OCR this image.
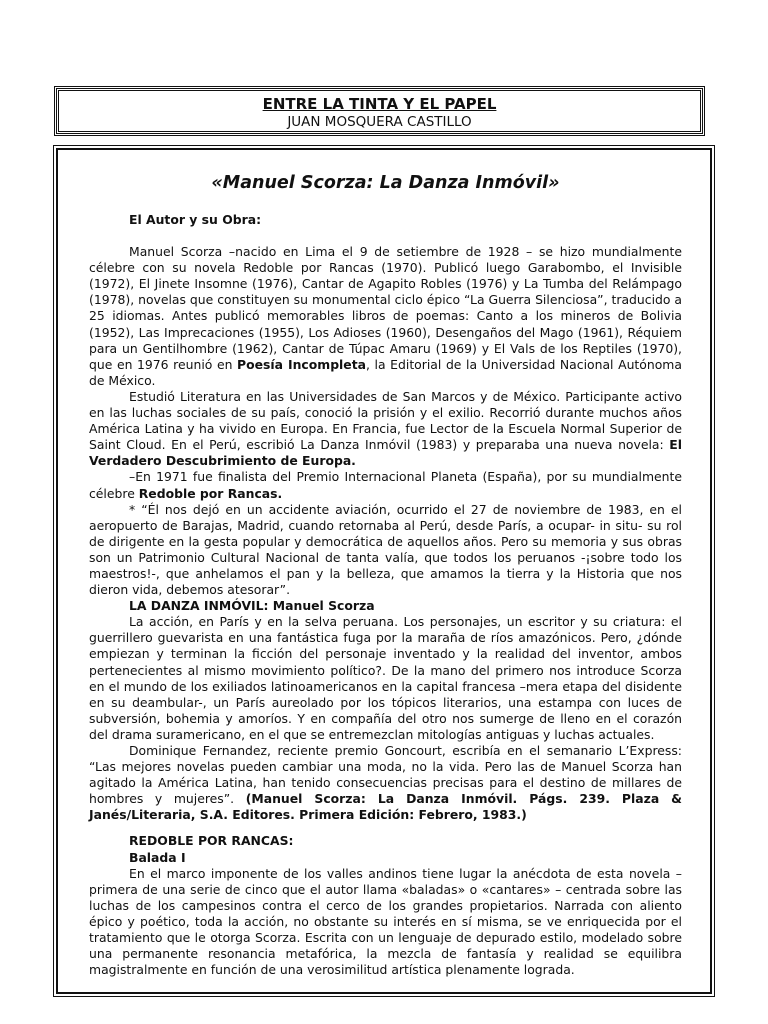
ENTRE LA TINTA Y EL PAPEL
JUAN MOSQUERA CASTILLO
«Manuel Scorza: La Danza Inmóvil»

El Autor y su Obra:

Manuel Scorza –nacido en Lima el 9 de setiembre de 1928 – se hizo mundialmente célebre con su novela Redoble por Rancas (1970). Publicó luego Garabombo, el Invisible (1972), El Jinete Insomne (1976), Cantar de Agapito Robles (1976) y La Tumba del Relámpago (1978), novelas que constituyen su monumental ciclo épico “La Guerra Silenciosa”, traducido a 25 idiomas. Antes publicó memorables libros de poemas: Canto a los mineros de Bolivia (1952), Las Imprecaciones (1955), Los Adioses (1960), Desengaños del Mago (1961), Réquiem para un Gentilhombre (1962), Cantar de Túpac Amaru (1969) y El Vals de los Reptiles (1970), que en 1976 reunió en Poesía Incompleta, la Editorial de la Universidad Nacional Autónoma de México.

Estudió Literatura en las Universidades de San Marcos y de México. Participante activo en las luchas sociales de su país, conoció la prisión y el exilio. Recorrió durante muchos años América Latina y ha vivido en Europa. En Francia, fue Lector de la Escuela Normal Superior de Saint Cloud. En el Perú, escribió La Danza Inmóvil (1983) y preparaba una nueva novela: El Verdadero Descubrimiento de Europa.

–En 1971 fue finalista del Premio Internacional Planeta (España), por su mundialmente célebre Redoble por Rancas.

* “Él nos dejó en un accidente aviación, ocurrido el 27 de noviembre de 1983, en el aeropuerto de Barajas, Madrid, cuando retornaba al Perú, desde París, a ocupar- in situ- su rol de dirigente en la gesta popular y democrática de aquellos años. Pero su memoria y sus obras son un Patrimonio Cultural Nacional de tanta valía, que todos los peruanos -¡sobre todo los maestros!-, que anhelamos el pan y la belleza, que amamos la tierra y la Historia que nos dieron vida, debemos atesorar”.

LA DANZA INMÓVIL: Manuel Scorza

La acción, en París y en la selva peruana. Los personajes, un escritor y su criatura: el guerrillero guevarista en una fantástica fuga por la maraña de ríos amazónicos. Pero, ¿dónde empiezan y terminan la ficción del personaje inventado y la realidad del inventor, ambos pertenecientes al mismo movimiento político?. De la mano del primero nos introduce Scorza en el mundo de los exiliados latinoamericanos en la capital francesa –mera etapa del disidente en su deambular-, un París aureolado por los tópicos literarios, una estampa con luces de subversión, bohemia y amoríos. Y en compañía del otro nos sumerge de lleno en el corazón del drama suramericano, en el que se entremezclan mitologías antiguas y luchas actuales.

Dominique Fernandez, reciente premio Goncourt, escribía en el semanario L’Express: “Las mejores novelas pueden cambiar una moda, no la vida. Pero las de Manuel Scorza han agitado la América Latina, han tenido consecuencias precisas para el destino de millares de hombres y mujeres”. (Manuel Scorza: La Danza Inmóvil. Págs. 239. Plaza & Janés/Literaria, S.A. Editores. Primera Edición: Febrero, 1983.)

REDOBLE POR RANCAS:

Balada I

En el marco imponente de los valles andinos tiene lugar la anécdota de esta novela –primera de una serie de cinco que el autor llama «baladas» o «cantares» – centrada sobre las luchas de los campesinos contra el cerco de los grandes propietarios. Narrada con aliento épico y poético, toda la acción, no obstante su interés en sí misma, se ve enriquecida por el tratamiento que le otorga Scorza. Escrita con un lenguaje de depurado estilo, modelado sobre una permanente resonancia metafórica, la mezcla de fantasía y realidad se equilibra magistralmente en función de una verosimilitud artística plenamente lograda.
